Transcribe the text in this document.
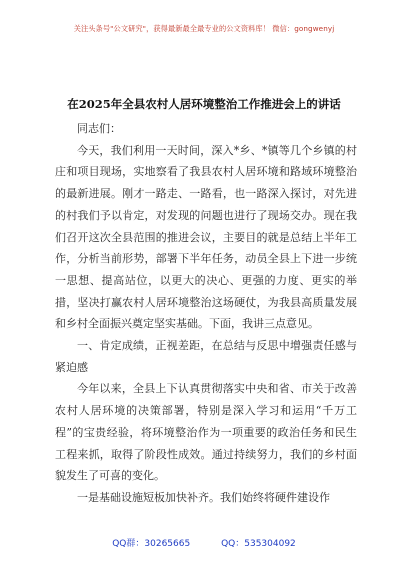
关注头条号"公文研究"，获得最新最全最专业的公文资料库！ 微信：gongwenyj
在2025年全县农村人居环境整治工作推进会上的讲话

同志们：

今天，我们利用一天时间，深入*乡、*镇等几个乡镇的村庄和项目现场，实地察看了我县农村人居环境和路域环境整治的最新进展。刚才一路走、一路看，也一路深入探讨，对先进的村我们予以肯定，对发现的问题也进行了现场交办。现在我们召开这次全县范围的推进会议，主要目的就是总结上半年工作，分析当前形势，部署下半年任务，动员全县上下进一步统一思想、提高站位，以更大的决心、更强的力度、更实的举措，坚决打赢农村人居环境整治这场硬仗，为我县高质量发展和乡村全面振兴奠定坚实基础。下面，我讲三点意见。

一、肯定成绩，正视差距，在总结与反思中增强责任感与紧迫感

今年以来，全县上下认真贯彻落实中央和省、市关于改善农村人居环境的决策部署，特别是深入学习和运用“千万工程”的宝贵经验，将环境整治作为一项重要的政治任务和民生工程来抓，取得了阶段性成效。通过持续努力，我们的乡村面貌发生了可喜的变化。

一是基础设施短板加快补齐。我们始终将硬件建设作

QQ群：30265665	QQ：535304092
